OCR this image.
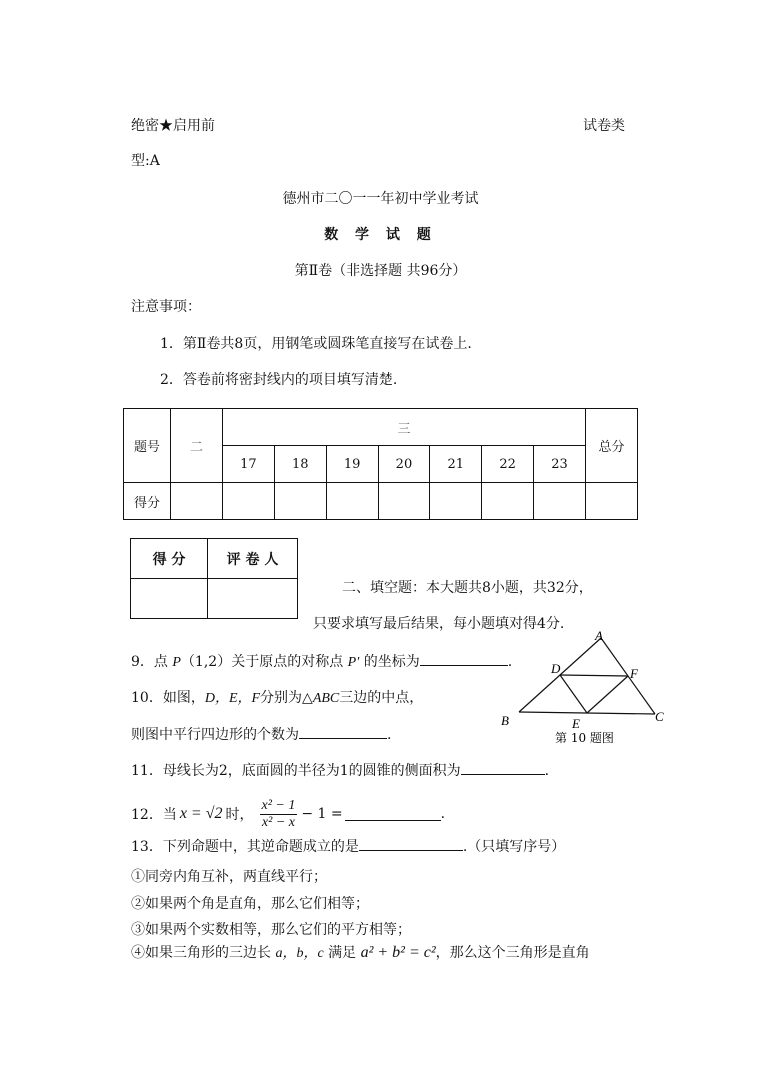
绝密★启用前	试卷类
型:A
德州市二〇一一年初中学业考试
数 学 试 题
第Ⅱ卷（非选择题 共96分）
注意事项：
1．第Ⅱ卷共8页，用钢笔或圆珠笔直接写在试卷上.
2．答卷前将密封线内的项目填写清楚.
题号	二	三							总分
		17	18	19	20	21	22	23	
得分									
得 分	评 卷 人

二、填空题：本大题共8小题，共32分，
只要求填写最后结果，每小题填对得4分.
9．点 P（1,2）关于原点的对称点 P′ 的坐标为	.
10．如图，D，E，F分别为△ABC三边的中点，
则图中平行四边形的个数为	.
A
B	C
D
E
F
第 10 题图
11．母线长为2，底面圆的半径为1的圆锥的侧面积为	.
12．当 x = √2 时， $\frac{\text{x² − 1}}{\text{x² − x}} - 1$ =	.
13．下列命题中，其逆命题成立的是	.（只填写序号）
①同旁内角互补，两直线平行；
②如果两个角是直角，那么它们相等；
③如果两个实数相等，那么它们的平方相等；
④如果三角形的三边长 a，b，c 满足 a² + b² = c²，那么这个三角形是直角
